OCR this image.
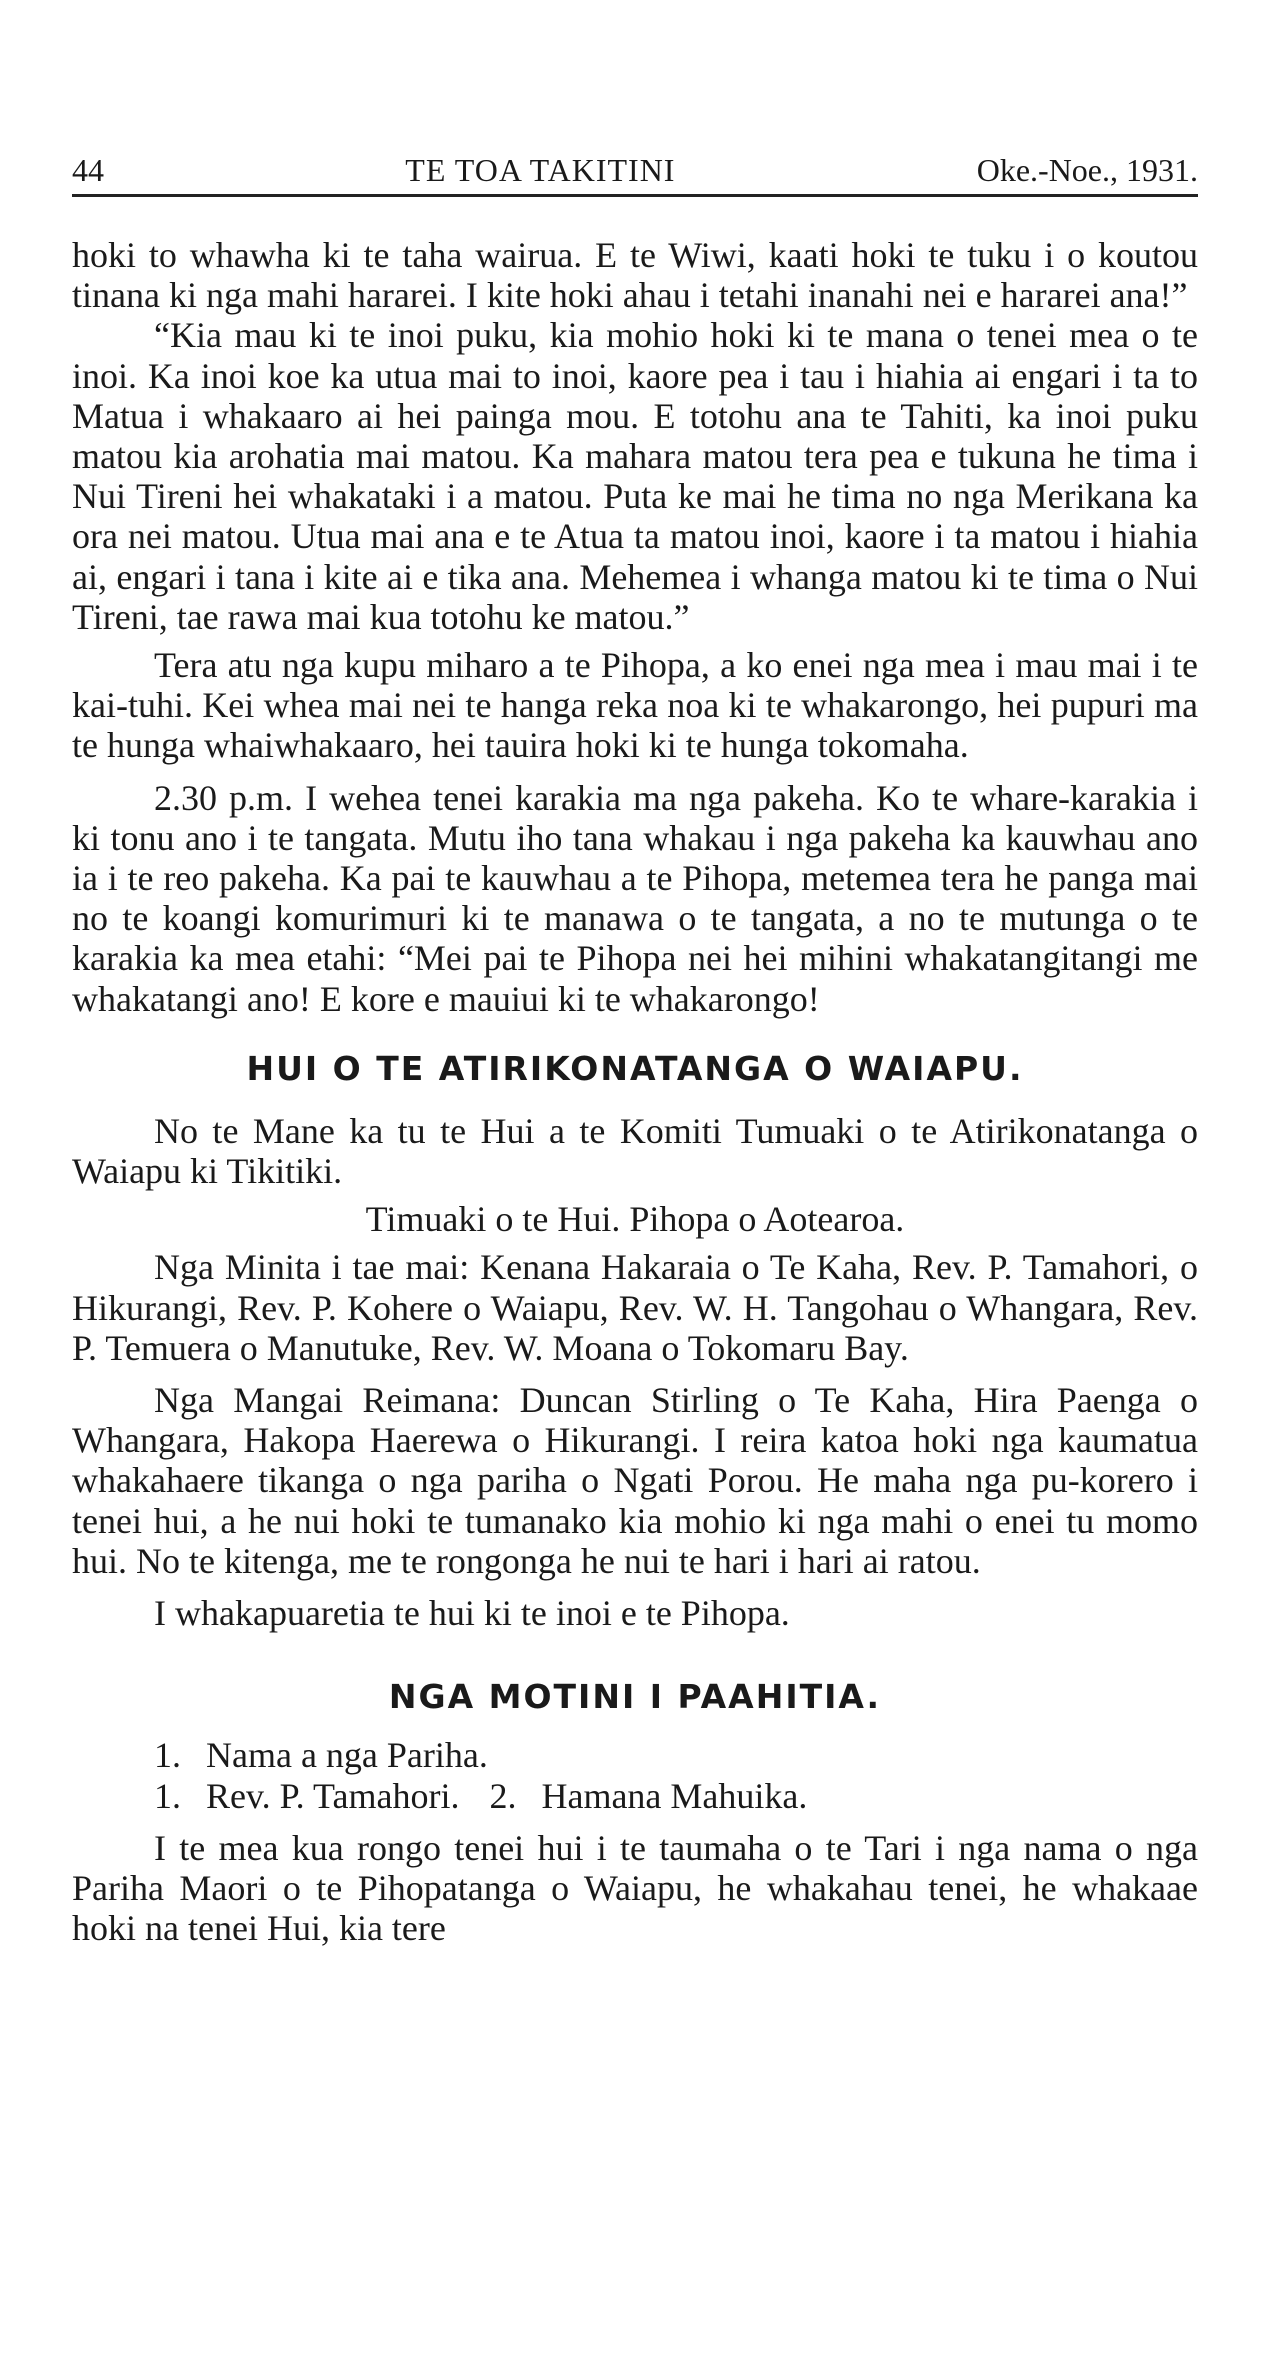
44	TE TOA TAKITINI	Oke.-Noe., 1931.

hoki to whawha ki te taha wairua. E te Wiwi, kaati hoki te tuku i o koutou tinana ki nga mahi hararei. I kite hoki ahau i tetahi inanahi nei e hararei ana!”

“Kia mau ki te inoi puku, kia mohio hoki ki te mana o tenei mea o te inoi. Ka inoi koe ka utua mai to inoi, kaore pea i tau i hiahia ai engari i ta to Matua i whakaaro ai hei painga mou. E totohu ana te Tahiti, ka inoi puku matou kia arohatia mai matou. Ka mahara matou tera pea e tukuna he tima i Nui Tireni hei whakataki i a matou. Puta ke mai he tima no nga Merikana ka ora nei matou. Utua mai ana e te Atua ta matou inoi, kaore i ta matou i hiahia ai, engari i tana i kite ai e tika ana. Mehemea i whanga matou ki te tima o Nui Tireni, tae rawa mai kua totohu ke matou.”

Tera atu nga kupu miharo a te Pihopa, a ko enei nga mea i mau mai i te kai-tuhi. Kei whea mai nei te hanga reka noa ki te whakarongo, hei pupuri ma te hunga whaiwhakaaro, hei tauira hoki ki te hunga tokomaha.

2.30 p.m. I wehea tenei karakia ma nga pakeha. Ko te whare-karakia i ki tonu ano i te tangata. Mutu iho tana whakau i nga pakeha ka kauwhau ano ia i te reo pakeha. Ka pai te kauwhau a te Pihopa, metemea tera he panga mai no te koangi komurimuri ki te manawa o te tangata, a no te mutunga o te karakia ka mea etahi: “Mei pai te Pihopa nei hei mihini whakatangitangi me whakatangi ano! E kore e mauiui ki te whakarongo!

HUI O TE ATIRIKONATANGA O WAIAPU.

No te Mane ka tu te Hui a te Komiti Tumuaki o te Atirikonatanga o Waiapu ki Tikitiki.

Timuaki o te Hui. Pihopa o Aotearoa.

Nga Minita i tae mai: Kenana Hakaraia o Te Kaha, Rev. P. Tamahori, o Hikurangi, Rev. P. Kohere o Waiapu, Rev. W. H. Tangohau o Whangara, Rev. P. Temuera o Manutuke, Rev. W. Moana o Tokomaru Bay.

Nga Mangai Reimana: Duncan Stirling o Te Kaha, Hira Paenga o Whangara, Hakopa Haerewa o Hikurangi. I reira katoa hoki nga kaumatua whakahaere tikanga o nga pariha o Ngati Porou. He maha nga pu-korero i tenei hui, a he nui hoki te tumanako kia mohio ki nga mahi o enei tu momo hui. No te kitenga, me te rongonga he nui te hari i hari ai ratou.

I whakapuaretia te hui ki te inoi e te Pihopa.

NGA MOTINI I PAAHITIA.

1. Nama a nga Pariha.

1. Rev. P. Tamahori. 2. Hamana Mahuika.

I te mea kua rongo tenei hui i te taumaha o te Tari i nga nama o nga Pariha Maori o te Pihopatanga o Waiapu, he whakahau tenei, he whakaae hoki na tenei Hui, kia tere
